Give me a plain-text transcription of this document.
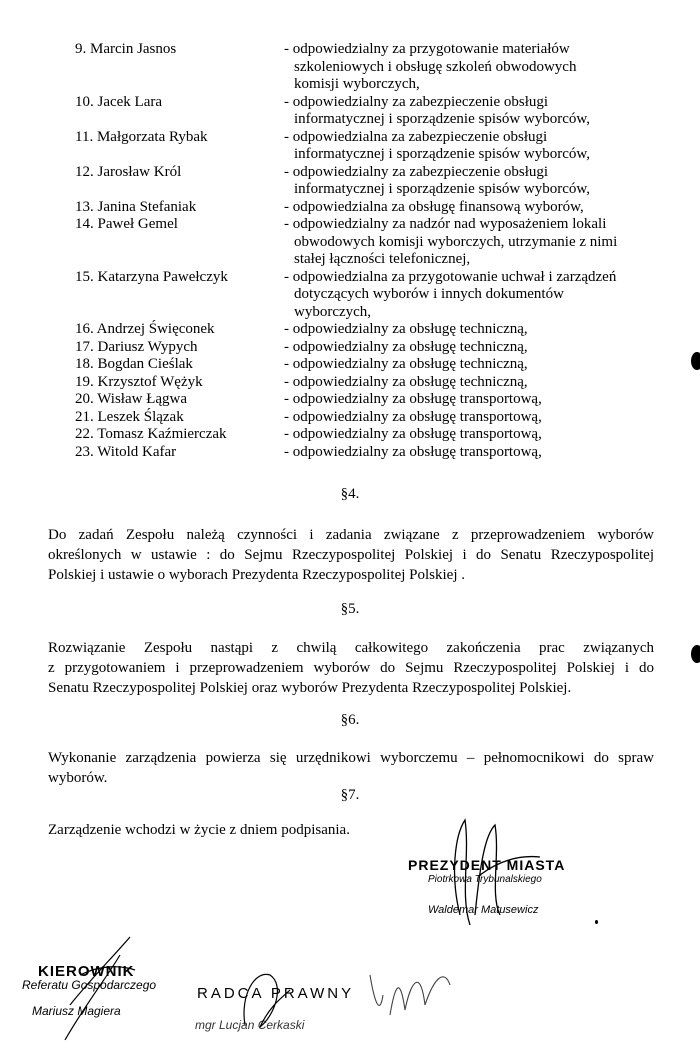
9. Marcin Jasnos	- odpowiedzialny za przygotowanie materiałów
szkoleniowych i obsługę szkoleń obwodowych
komisji wyborczych,
10. Jacek Lara	- odpowiedzialny za zabezpieczenie obsługi
informatycznej i sporządzenie spisów wyborców,
11. Małgorzata Rybak	- odpowiedzialna za zabezpieczenie obsługi
informatycznej i sporządzenie spisów wyborców,
12. Jarosław Król	- odpowiedzialny za zabezpieczenie obsługi
informatycznej i sporządzenie spisów wyborców,
13. Janina Stefaniak	- odpowiedzialna za obsługę finansową wyborów,
14. Paweł Gemel	- odpowiedzialny za nadzór nad wyposażeniem lokali
obwodowych komisji wyborczych, utrzymanie z nimi
stałej łączności telefonicznej,
15. Katarzyna Pawełczyk	- odpowiedzialna za przygotowanie uchwał i zarządzeń
dotyczących wyborów i innych dokumentów
wyborczych,
16. Andrzej Święconek	- odpowiedzialny za obsługę techniczną,
17. Dariusz Wypych	- odpowiedzialny za obsługę techniczną,
18. Bogdan Cieślak	- odpowiedzialny za obsługę techniczną,
19. Krzysztof Wężyk	- odpowiedzialny za obsługę techniczną,
20. Wisław Łągwa	- odpowiedzialny za obsługę transportową,
21. Leszek Ślązak	- odpowiedzialny za obsługę transportową,
22. Tomasz Kaźmierczak	- odpowiedzialny za obsługę transportową,
23. Witold Kafar	- odpowiedzialny za obsługę transportową,
§4.
Do zadań Zespołu należą czynności i zadania związane z przeprowadzeniem wyborów
określonych w ustawie : do Sejmu Rzeczypospolitej Polskiej i do Senatu Rzeczypospolitej
Polskiej i ustawie o wyborach Prezydenta Rzeczypospolitej Polskiej .
§5.
Rozwiązanie Zespołu nastąpi z chwilą całkowitego zakończenia prac związanych
z przygotowaniem i przeprowadzeniem wyborów do Sejmu Rzeczypospolitej Polskiej i do
Senatu Rzeczypospolitej Polskiej oraz wyborów Prezydenta Rzeczypospolitej Polskiej.
§6.
Wykonanie zarządzenia powierza się urzędnikowi wyborczemu – pełnomocnikowi do spraw
wyborów.
§7.
Zarządzenie wchodzi w życie z dniem podpisania.
PREZYDENT MIASTA
Piotrkowa Trybunalskiego
Waldemar Matusewicz
KIEROWNIK
Referatu Gospodarczego
Mariusz Magiera
RADCA PRAWNY
mgr Lucjan Cerkaski
